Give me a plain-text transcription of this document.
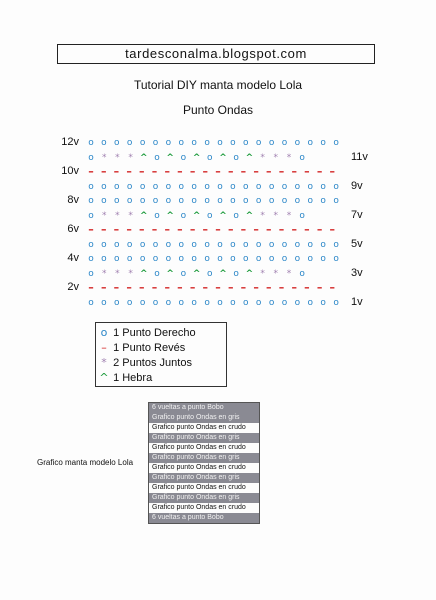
tardesconalma.blogspot.com
Tutorial DIY manta modelo Lola
Punto Ondas
12v	o o o o o o o o o o o o o o o o o o o o
11v
o * * * ^ o ^ o ^ o ^ o ^ * * * o
10v – – – – – – – – – – – – – – – – – – – –
9v
o o o o o o o o o o o o o o o o o o o o
8v	o o o o o o o o o o o o o o o o o o o o
7v
o * * * ^ o ^ o ^ o ^ o ^ * * * o
6v – – – – – – – – – – – – – – – – – – – –
5v
o o o o o o o o o o o o o o o o o o o o
4v	o o o o o o o o o o o o o o o o o o o o
3v
o * * * ^ o ^ o ^ o ^ o ^ * * * o
2v – – – – – – – – – – – – – – – – – – – –
1v
o o o o o o o o o o o o o o o o o o o o
o 1 Punto Derecho
– 1 Punto Revés
* 2 Puntos Juntos
^ 1 Hebra
Grafico manta modelo Lola
6 vueltas a punto Bobo
Grafico punto Ondas en gris
Grafico punto Ondas en crudo
Grafico punto Ondas en gris
Grafico punto Ondas en crudo
Grafico punto Ondas en gris
Grafico punto Ondas en crudo
Grafico punto Ondas en gris
Grafico punto Ondas en crudo
Grafico punto Ondas en gris
Grafico punto Ondas en crudo
6 vueltas a punto Bobo
